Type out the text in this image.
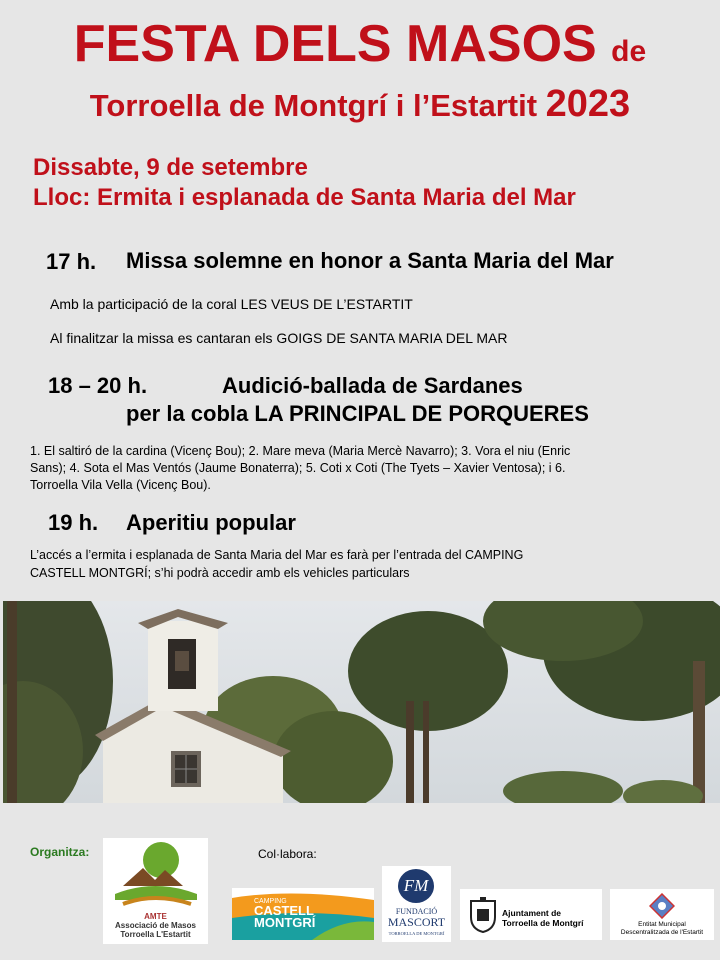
FESTA DELS MASOS de
Torroella de Montgrí i l’Estartit 2023
Dissabte, 9 de setembre
Lloc: Ermita i esplanada de Santa Maria del Mar
17 h. Missa solemne en honor a Santa Maria del Mar
Amb la participació de la coral LES VEUS DE L’ESTARTIT
Al finalitzar la missa es cantaran els GOIGS DE SANTA MARIA DEL MAR
18 – 20 h.	Audició-ballada de Sardanes
per la cobla LA PRINCIPAL DE PORQUERES
1. El saltiró de la cardina (Vicenç Bou); 2. Mare meva (Maria Mercè Navarro); 3. Vora el niu (Enric
Sans); 4. Sota el Mas Ventós (Jaume Bonaterra); 5. Coti x Coti (The Tyets – Xavier Ventosa); i 6.
Torroella Vila Vella (Vicenç Bou).
19 h. Aperitiu popular
L’accés a l’ermita i esplanada de Santa Maria del Mar es farà per l’entrada del CAMPING
CASTELL MONTGRÍ; s’hi podrà accedir amb els vehicles particulars
Organitza:	Col·labora:
AMTE
Associació de Masos
Torroella L'Estartit
CAMPING
CASTELL
MONTGRÍ
FM
FUNDACIÓ
MASCORT
TORROELLA DE MONTGRÍ
Ajuntament de
Torroella de Montgrí	Entitat Municipal
Descentralitzada de l'Estartit
